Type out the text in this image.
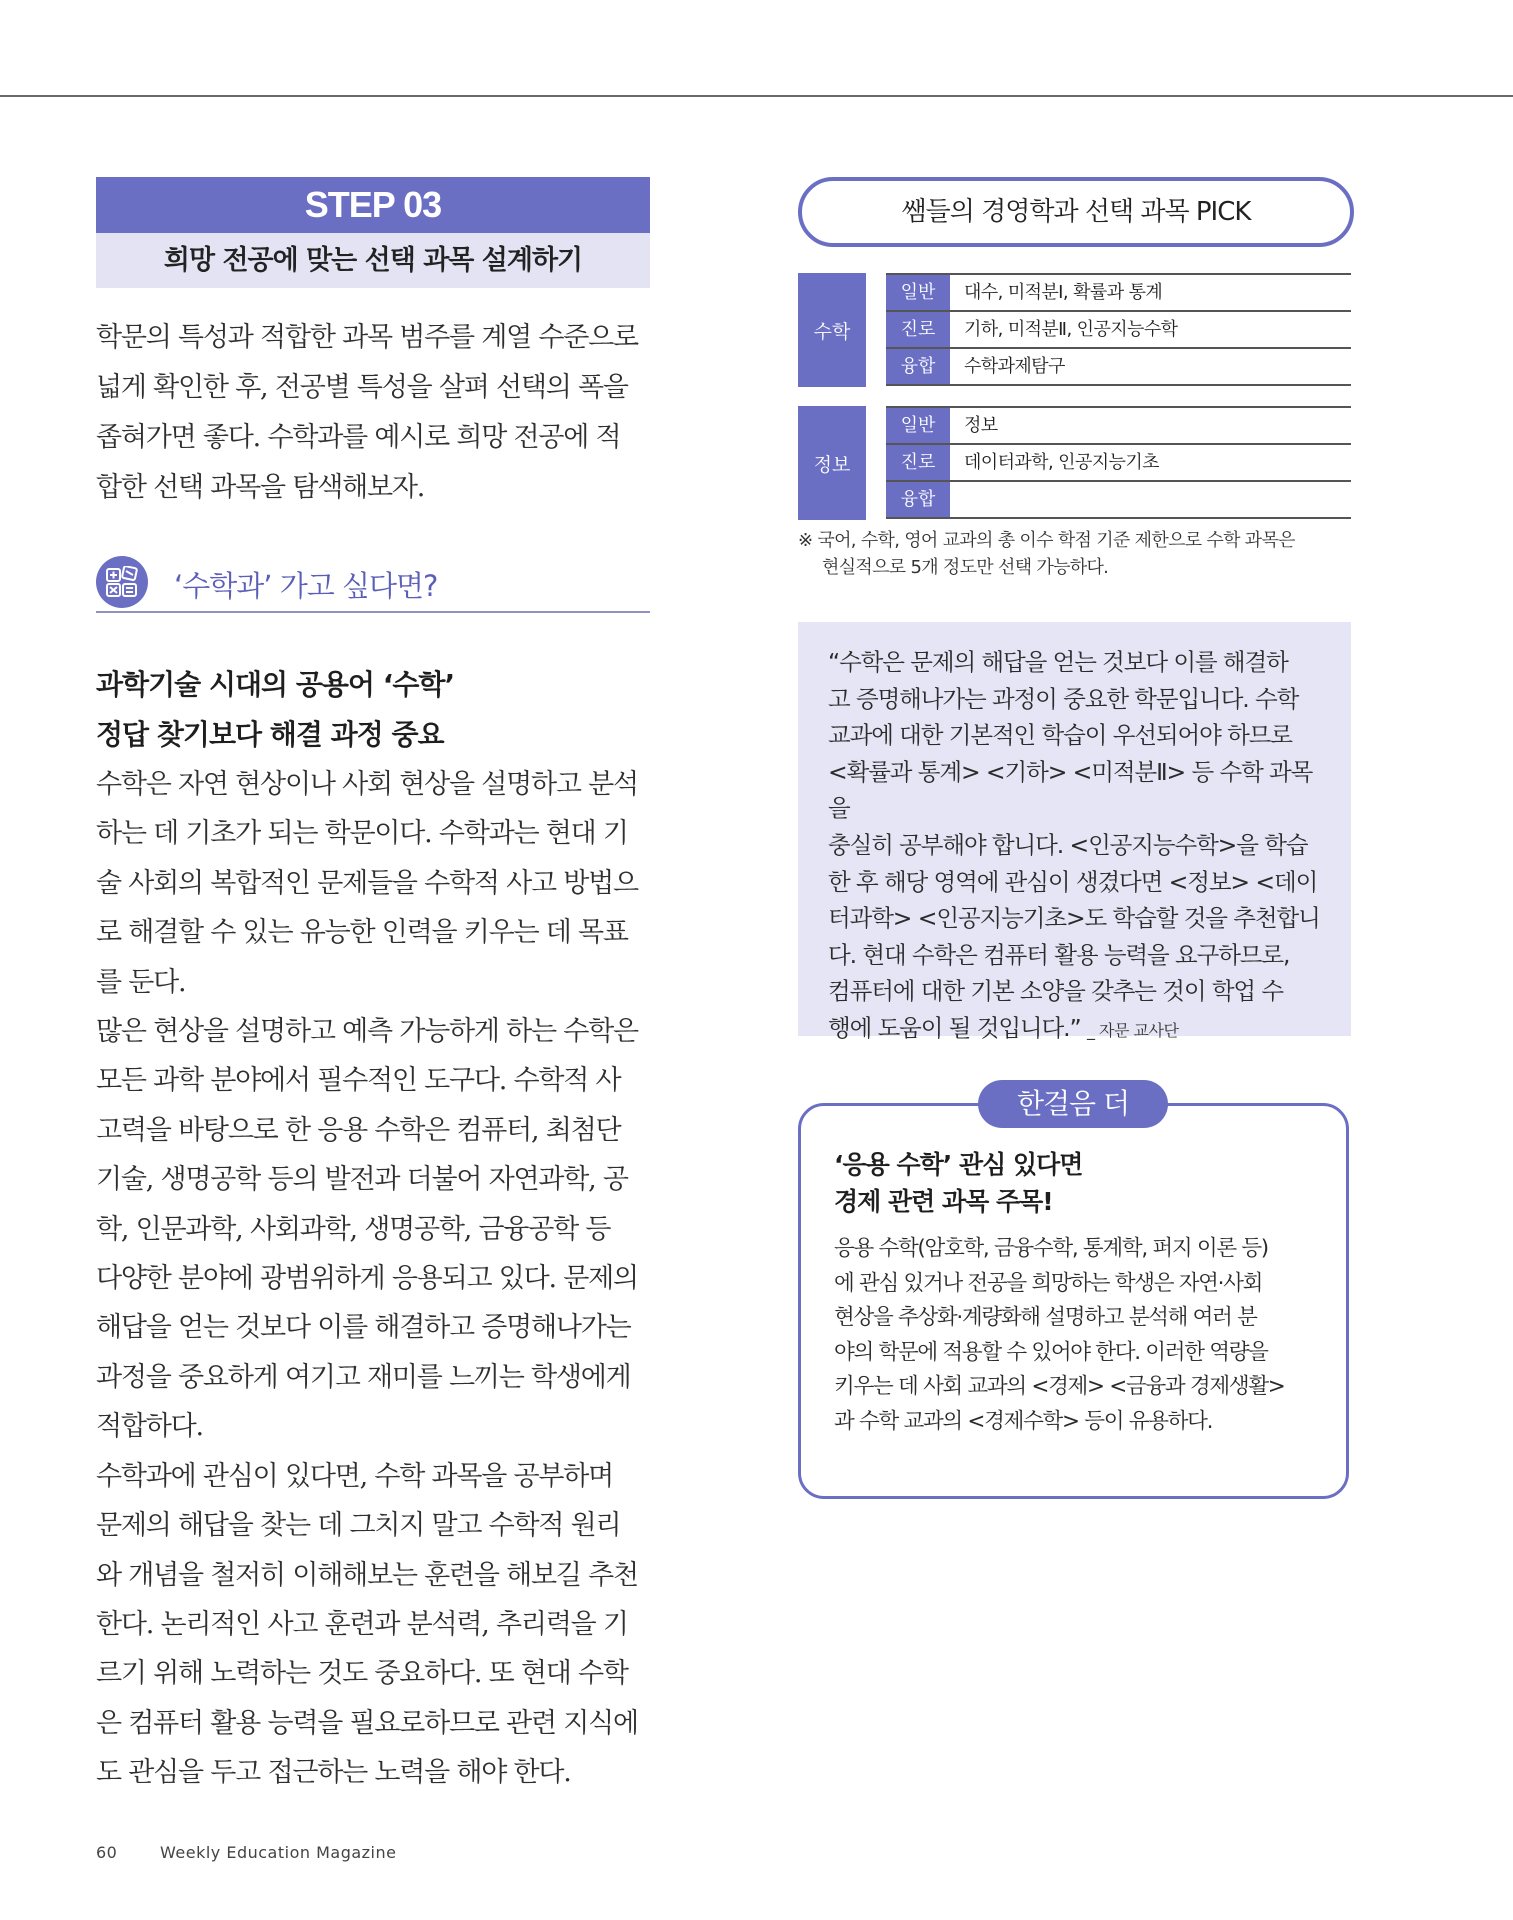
STEP 03
희망 전공에 맞는 선택 과목 설계하기
학문의 특성과 적합한 과목 범주를 계열 수준으로
넓게 확인한 후, 전공별 특성을 살펴 선택의 폭을
좁혀가면 좋다. 수학과를 예시로 희망 전공에 적
합한 선택 과목을 탐색해보자.
‘수학과’ 가고 싶다면?
과학기술 시대의 공용어 ‘수학’
정답 찾기보다 해결 과정 중요
수학은 자연 현상이나 사회 현상을 설명하고 분석
하는 데 기초가 되는 학문이다. 수학과는 현대 기
술 사회의 복합적인 문제들을 수학적 사고 방법으
로 해결할 수 있는 유능한 인력을 키우는 데 목표
를 둔다.
많은 현상을 설명하고 예측 가능하게 하는 수학은
모든 과학 분야에서 필수적인 도구다. 수학적 사
고력을 바탕으로 한 응용 수학은 컴퓨터, 최첨단
기술, 생명공학 등의 발전과 더불어 자연과학, 공
학, 인문과학, 사회과학, 생명공학, 금융공학 등
다양한 분야에 광범위하게 응용되고 있다. 문제의
해답을 얻는 것보다 이를 해결하고 증명해나가는
과정을 중요하게 여기고 재미를 느끼는 학생에게
적합하다.
수학과에 관심이 있다면, 수학 과목을 공부하며
문제의 해답을 찾는 데 그치지 말고 수학적 원리
와 개념을 철저히 이해해보는 훈련을 해보길 추천
한다. 논리적인 사고 훈련과 분석력, 추리력을 기
르기 위해 노력하는 것도 중요하다. 또 현대 수학
은 컴퓨터 활용 능력을 필요로하므로 관련 지식에
도 관심을 두고 접근하는 노력을 해야 한다.
60	Weekly Education Magazine
쌤들의 경영학과 선택 과목 PICK
수학
일반	대수, 미적분Ⅰ, 확률과 통계
진로	기하, 미적분Ⅱ, 인공지능수학
융합	수학과제탐구
정보
일반	정보
진로	데이터과학, 인공지능기초
융합
※ 국어, 수학, 영어 교과의 총 이수 학점 기준 제한으로 수학 과목은
현실적으로 5개 정도만 선택 가능하다.
“수학은 문제의 해답을 얻는 것보다 이를 해결하
고 증명해나가는 과정이 중요한 학문입니다. 수학
교과에 대한 기본적인 학습이 우선되어야 하므로
<확률과 통계> <기하> <미적분Ⅱ> 등 수학 과목을
충실히 공부해야 합니다. <인공지능수학>을 학습
한 후 해당 영역에 관심이 생겼다면 <정보> <데이
터과학> <인공지능기초>도 학습할 것을 추천합니
다. 현대 수학은 컴퓨터 활용 능력을 요구하므로,
컴퓨터에 대한 기본 소양을 갖추는 것이 학업 수
행에 도움이 될 것입니다.” _ 자문 교사단
한걸음 더
‘응용 수학’ 관심 있다면
경제 관련 과목 주목!
응용 수학(암호학, 금융수학, 통계학, 퍼지 이론 등)
에 관심 있거나 전공을 희망하는 학생은 자연·사회
현상을 추상화·계량화해 설명하고 분석해 여러 분
야의 학문에 적용할 수 있어야 한다. 이러한 역량을
키우는 데 사회 교과의 <경제> <금융과 경제생활>
과 수학 교과의 <경제수학> 등이 유용하다.
